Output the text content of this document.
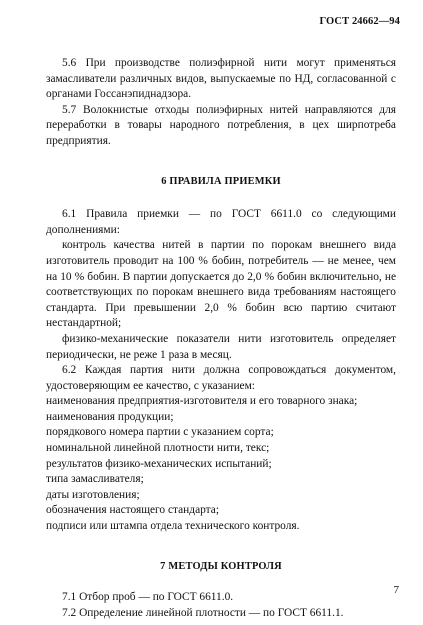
ГОСТ 24662—94

5.6 При производстве полиэфирной нити могут применяться замасливатели различных видов, выпускаемые по НД, согласованной с органами Госсанэпиднадзора.

5.7 Волокнистые отходы полиэфирных нитей направляются для переработки в товары народного потребления, в цех ширпотреба предприятия.

6 ПРАВИЛА ПРИЕМКИ

6.1 Правила приемки — по ГОСТ 6611.0 со следующими дополнениями:

контроль качества нитей в партии по порокам внешнего вида изготовитель проводит на 100 % бобин, потребитель — не менее, чем на 10 % бобин. В партии допускается до 2,0 % бобин включительно, не соответствующих по порокам внешнего вида требованиям настоящего стандарта. При превышении 2,0 % бобин всю партию считают нестандартной;

физико-механические показатели нити изготовитель определяет периодически, не реже 1 раза в месяц.

6.2 Каждая партия нити должна сопровождаться документом, удостоверяющим ее качество, с указанием:

наименования предприятия-изготовителя и его товарного знака;

наименования продукции;

порядкового номера партии с указанием сорта;

номинальной линейной плотности нити, текс;

результатов физико-механических испытаний;

типа замасливателя;

даты изготовления;

обозначения настоящего стандарта;

подписи или штампа отдела технического контроля.

7 МЕТОДЫ КОНТРОЛЯ

7.1 Отбор проб — по ГОСТ 6611.0.

7.2 Определение линейной плотности — по ГОСТ 6611.1.

7
